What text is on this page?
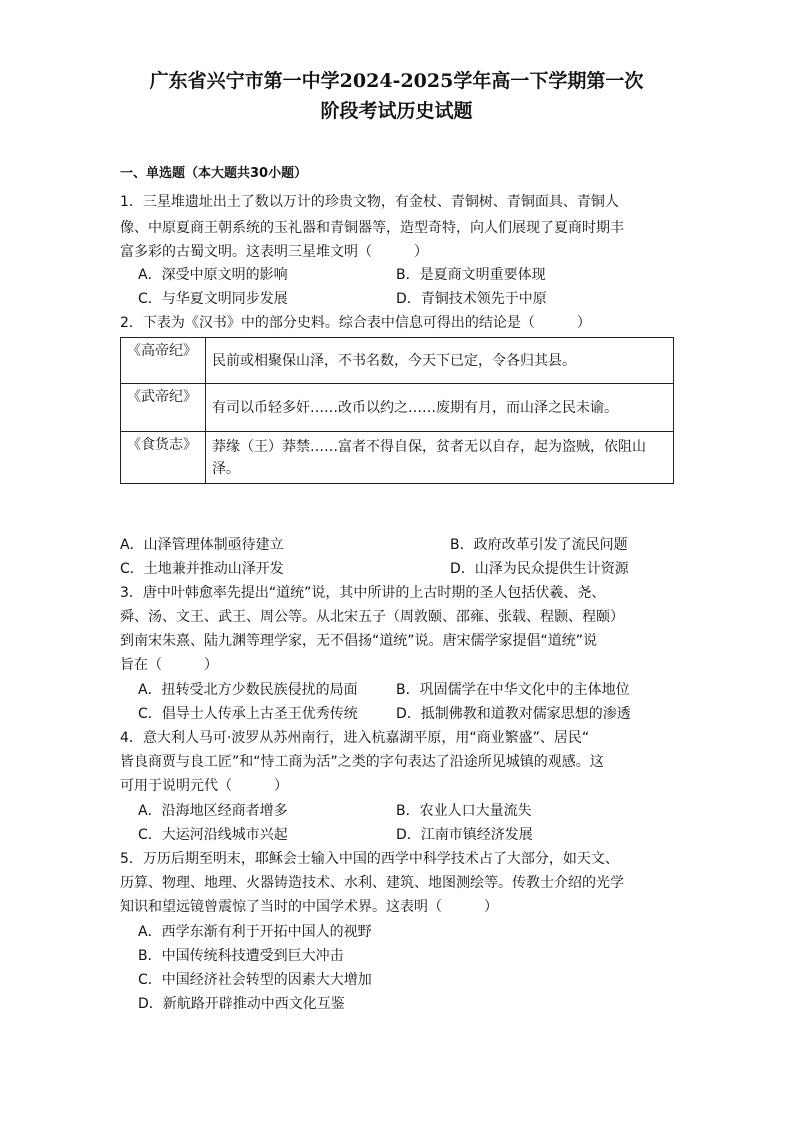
广东省兴宁市第一中学2024-2025学年高一下学期第一次
阶段考试历史试题
一、单选题（本大题共30小题）
1．三星堆遗址出土了数以万计的珍贵文物，有金杖、青铜树、青铜面具、青铜人
像、中原夏商王朝系统的玉礼器和青铜器等，造型奇特，向人们展现了夏商时期丰
富多彩的古蜀文明。这表明三星堆文明（　　　）
A．深受中原文明的影响	B．是夏商文明重要体现
C．与华夏文明同步发展	D．青铜技术领先于中原
2．下表为《汉书》中的部分史料。综合表中信息可得出的结论是（　　　）
《高帝纪》	民前或相聚保山泽，不书名数，今天下已定，令各归其县。
《武帝纪》	有司以币轻多奸……改币以约之……废期有月，而山泽之民未谕。
《食货志》	莽缘（王）莽禁……富者不得自保，贫者无以自存，起为盗贼，依阻山泽。
A．山泽管理体制亟待建立	B．政府改革引发了流民问题
C．土地兼并推动山泽开发	D．山泽为民众提供生计资源
3．唐中叶韩愈率先提出“道统”说，其中所讲的上古时期的圣人包括伏羲、尧、
舜、汤、文王、武王、周公等。从北宋五子（周敦颐、邵雍、张载、程颢、程颐）
到南宋朱熹、陆九渊等理学家，无不倡扬“道统”说。唐宋儒学家提倡“道统”说
旨在（　　　）
A．扭转受北方少数民族侵扰的局面	B．巩固儒学在中华文化中的主体地位
C．倡导士人传承上古圣王优秀传统	D．抵制佛教和道教对儒家思想的渗透
4．意大利人马可·波罗从苏州南行，进入杭嘉湖平原，用“商业繁盛”、居民“
皆良商贾与良工匠”和“恃工商为活”之类的字句表达了沿途所见城镇的观感。这
可用于说明元代（　　　）
A．沿海地区经商者增多	B．农业人口大量流失
C．大运河沿线城市兴起	D．江南市镇经济发展
5．万历后期至明末，耶稣会士输入中国的西学中科学技术占了大部分，如天文、
历算、物理、地理、火器铸造技术、水利、建筑、地图测绘等。传教士介绍的光学
知识和望远镜曾震惊了当时的中国学术界。这表明（　　　）
A．西学东渐有利于开拓中国人的视野
B．中国传统科技遭受到巨大冲击
C．中国经济社会转型的因素大大增加
D．新航路开辟推动中西文化互鉴
